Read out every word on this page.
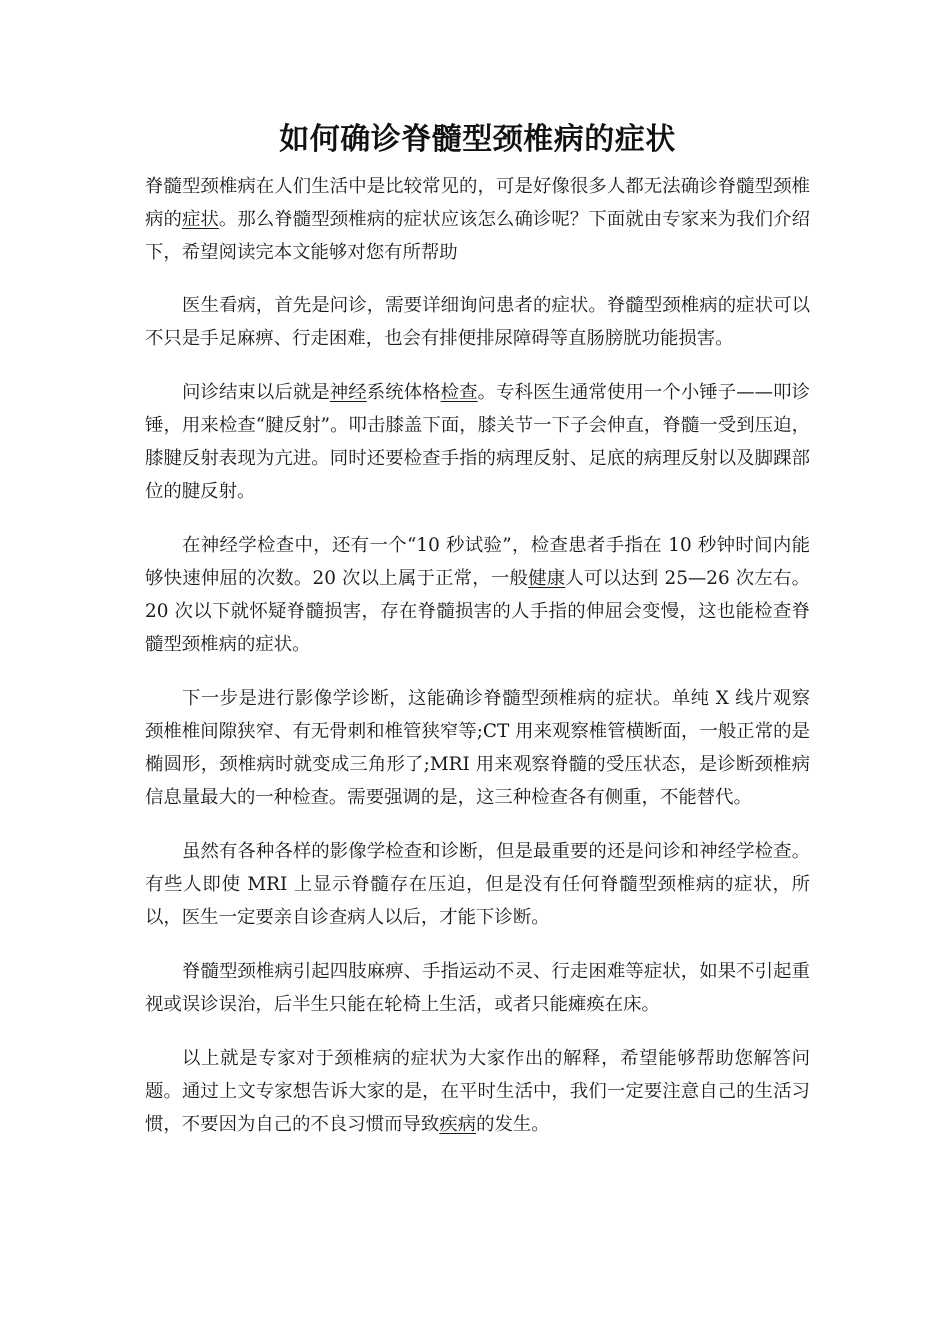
如何确诊脊髓型颈椎病的症状

脊髓型颈椎病在人们生活中是比较常见的，可是好像很多人都无法确诊脊髓型颈椎病的症状。那么脊髓型颈椎病的症状应该怎么确诊呢？下面就由专家来为我们介绍下，希望阅读完本文能够对您有所帮助

医生看病，首先是问诊，需要详细询问患者的症状。脊髓型颈椎病的症状可以不只是手足麻痹、行走困难，也会有排便排尿障碍等直肠膀胱功能损害。

问诊结束以后就是神经系统体格检查。专科医生通常使用一个小锤子——叩诊锤，用来检查“腱反射”。叩击膝盖下面，膝关节一下子会伸直，脊髓一受到压迫，膝腱反射表现为亢进。同时还要检查手指的病理反射、足底的病理反射以及脚踝部位的腱反射。

在神经学检查中，还有一个“10 秒试验”，检查患者手指在 10 秒钟时间内能够快速伸屈的次数。20 次以上属于正常，一般健康人可以达到 25—26 次左右。20 次以下就怀疑脊髓损害，存在脊髓损害的人手指的伸屈会变慢，这也能检查脊髓型颈椎病的症状。

下一步是进行影像学诊断，这能确诊脊髓型颈椎病的症状。单纯 X 线片观察颈椎椎间隙狭窄、有无骨刺和椎管狭窄等;CT 用来观察椎管横断面，一般正常的是椭圆形，颈椎病时就变成三角形了;MRI 用来观察脊髓的受压状态，是诊断颈椎病信息量最大的一种检查。需要强调的是，这三种检查各有侧重，不能替代。

虽然有各种各样的影像学检查和诊断，但是最重要的还是问诊和神经学检查。有些人即使 MRI 上显示脊髓存在压迫，但是没有任何脊髓型颈椎病的症状，所以，医生一定要亲自诊查病人以后，才能下诊断。

脊髓型颈椎病引起四肢麻痹、手指运动不灵、行走困难等症状，如果不引起重视或误诊误治，后半生只能在轮椅上生活，或者只能瘫痪在床。

以上就是专家对于颈椎病的症状为大家作出的解释，希望能够帮助您解答问题。通过上文专家想告诉大家的是，在平时生活中，我们一定要注意自己的生活习惯，不要因为自己的不良习惯而导致疾病的发生。
